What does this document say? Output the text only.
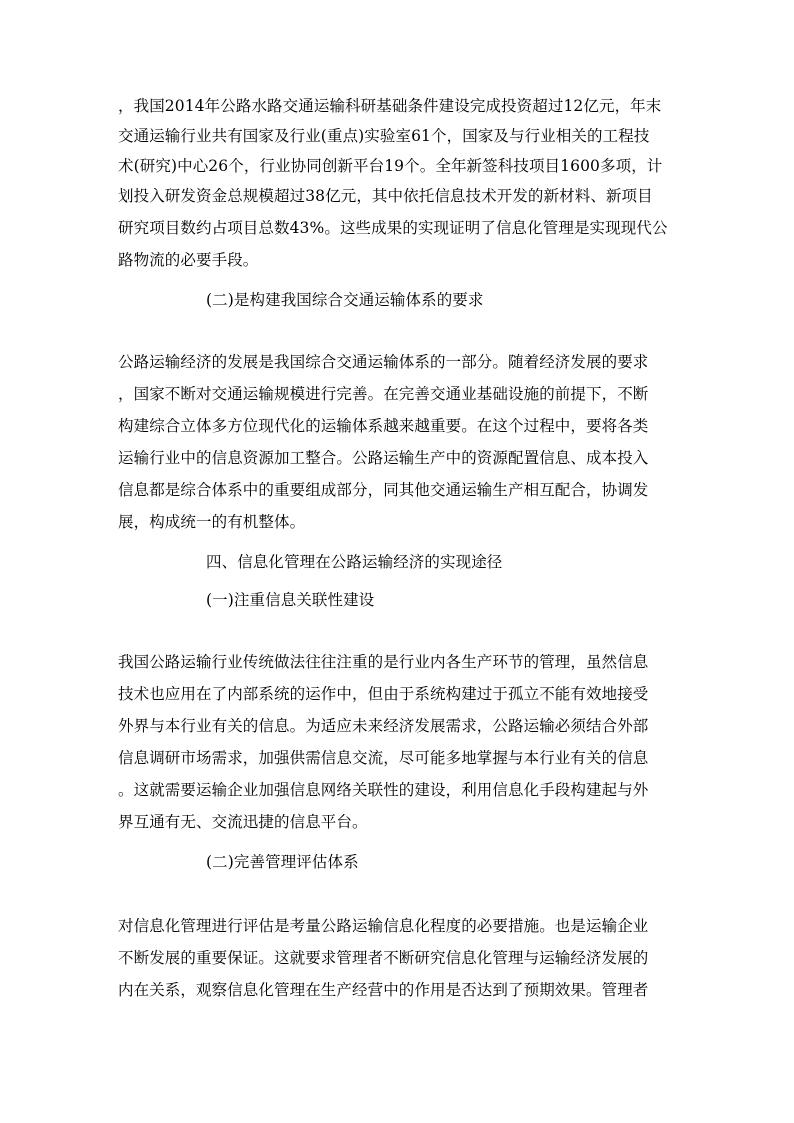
，我国2014年公路水路交通运输科研基础条件建设完成投资超过12亿元，年末
交通运输行业共有国家及行业(重点)实验室61个，国家及与行业相关的工程技
术(研究)中心26个，行业协同创新平台19个。全年新签科技项目1600多项，计
划投入研发资金总规模超过38亿元，其中依托信息技术开发的新材料、新项目
研究项目数约占项目总数43%。这些成果的实现证明了信息化管理是实现现代公
路物流的必要手段。
(二)是构建我国综合交通运输体系的要求
公路运输经济的发展是我国综合交通运输体系的一部分。随着经济发展的要求
，国家不断对交通运输规模进行完善。在完善交通业基础设施的前提下，不断
构建综合立体多方位现代化的运输体系越来越重要。在这个过程中，要将各类
运输行业中的信息资源加工整合。公路运输生产中的资源配置信息、成本投入
信息都是综合体系中的重要组成部分，同其他交通运输生产相互配合，协调发
展，构成统一的有机整体。
四、信息化管理在公路运输经济的实现途径
(一)注重信息关联性建设
我国公路运输行业传统做法往往注重的是行业内各生产环节的管理，虽然信息
技术也应用在了内部系统的运作中，但由于系统构建过于孤立不能有效地接受
外界与本行业有关的信息。为适应未来经济发展需求，公路运输必须结合外部
信息调研市场需求，加强供需信息交流，尽可能多地掌握与本行业有关的信息
。这就需要运输企业加强信息网络关联性的建设，利用信息化手段构建起与外
界互通有无、交流迅捷的信息平台。
(二)完善管理评估体系
对信息化管理进行评估是考量公路运输信息化程度的必要措施。也是运输企业
不断发展的重要保证。这就要求管理者不断研究信息化管理与运输经济发展的
内在关系，观察信息化管理在生产经营中的作用是否达到了预期效果。管理者
